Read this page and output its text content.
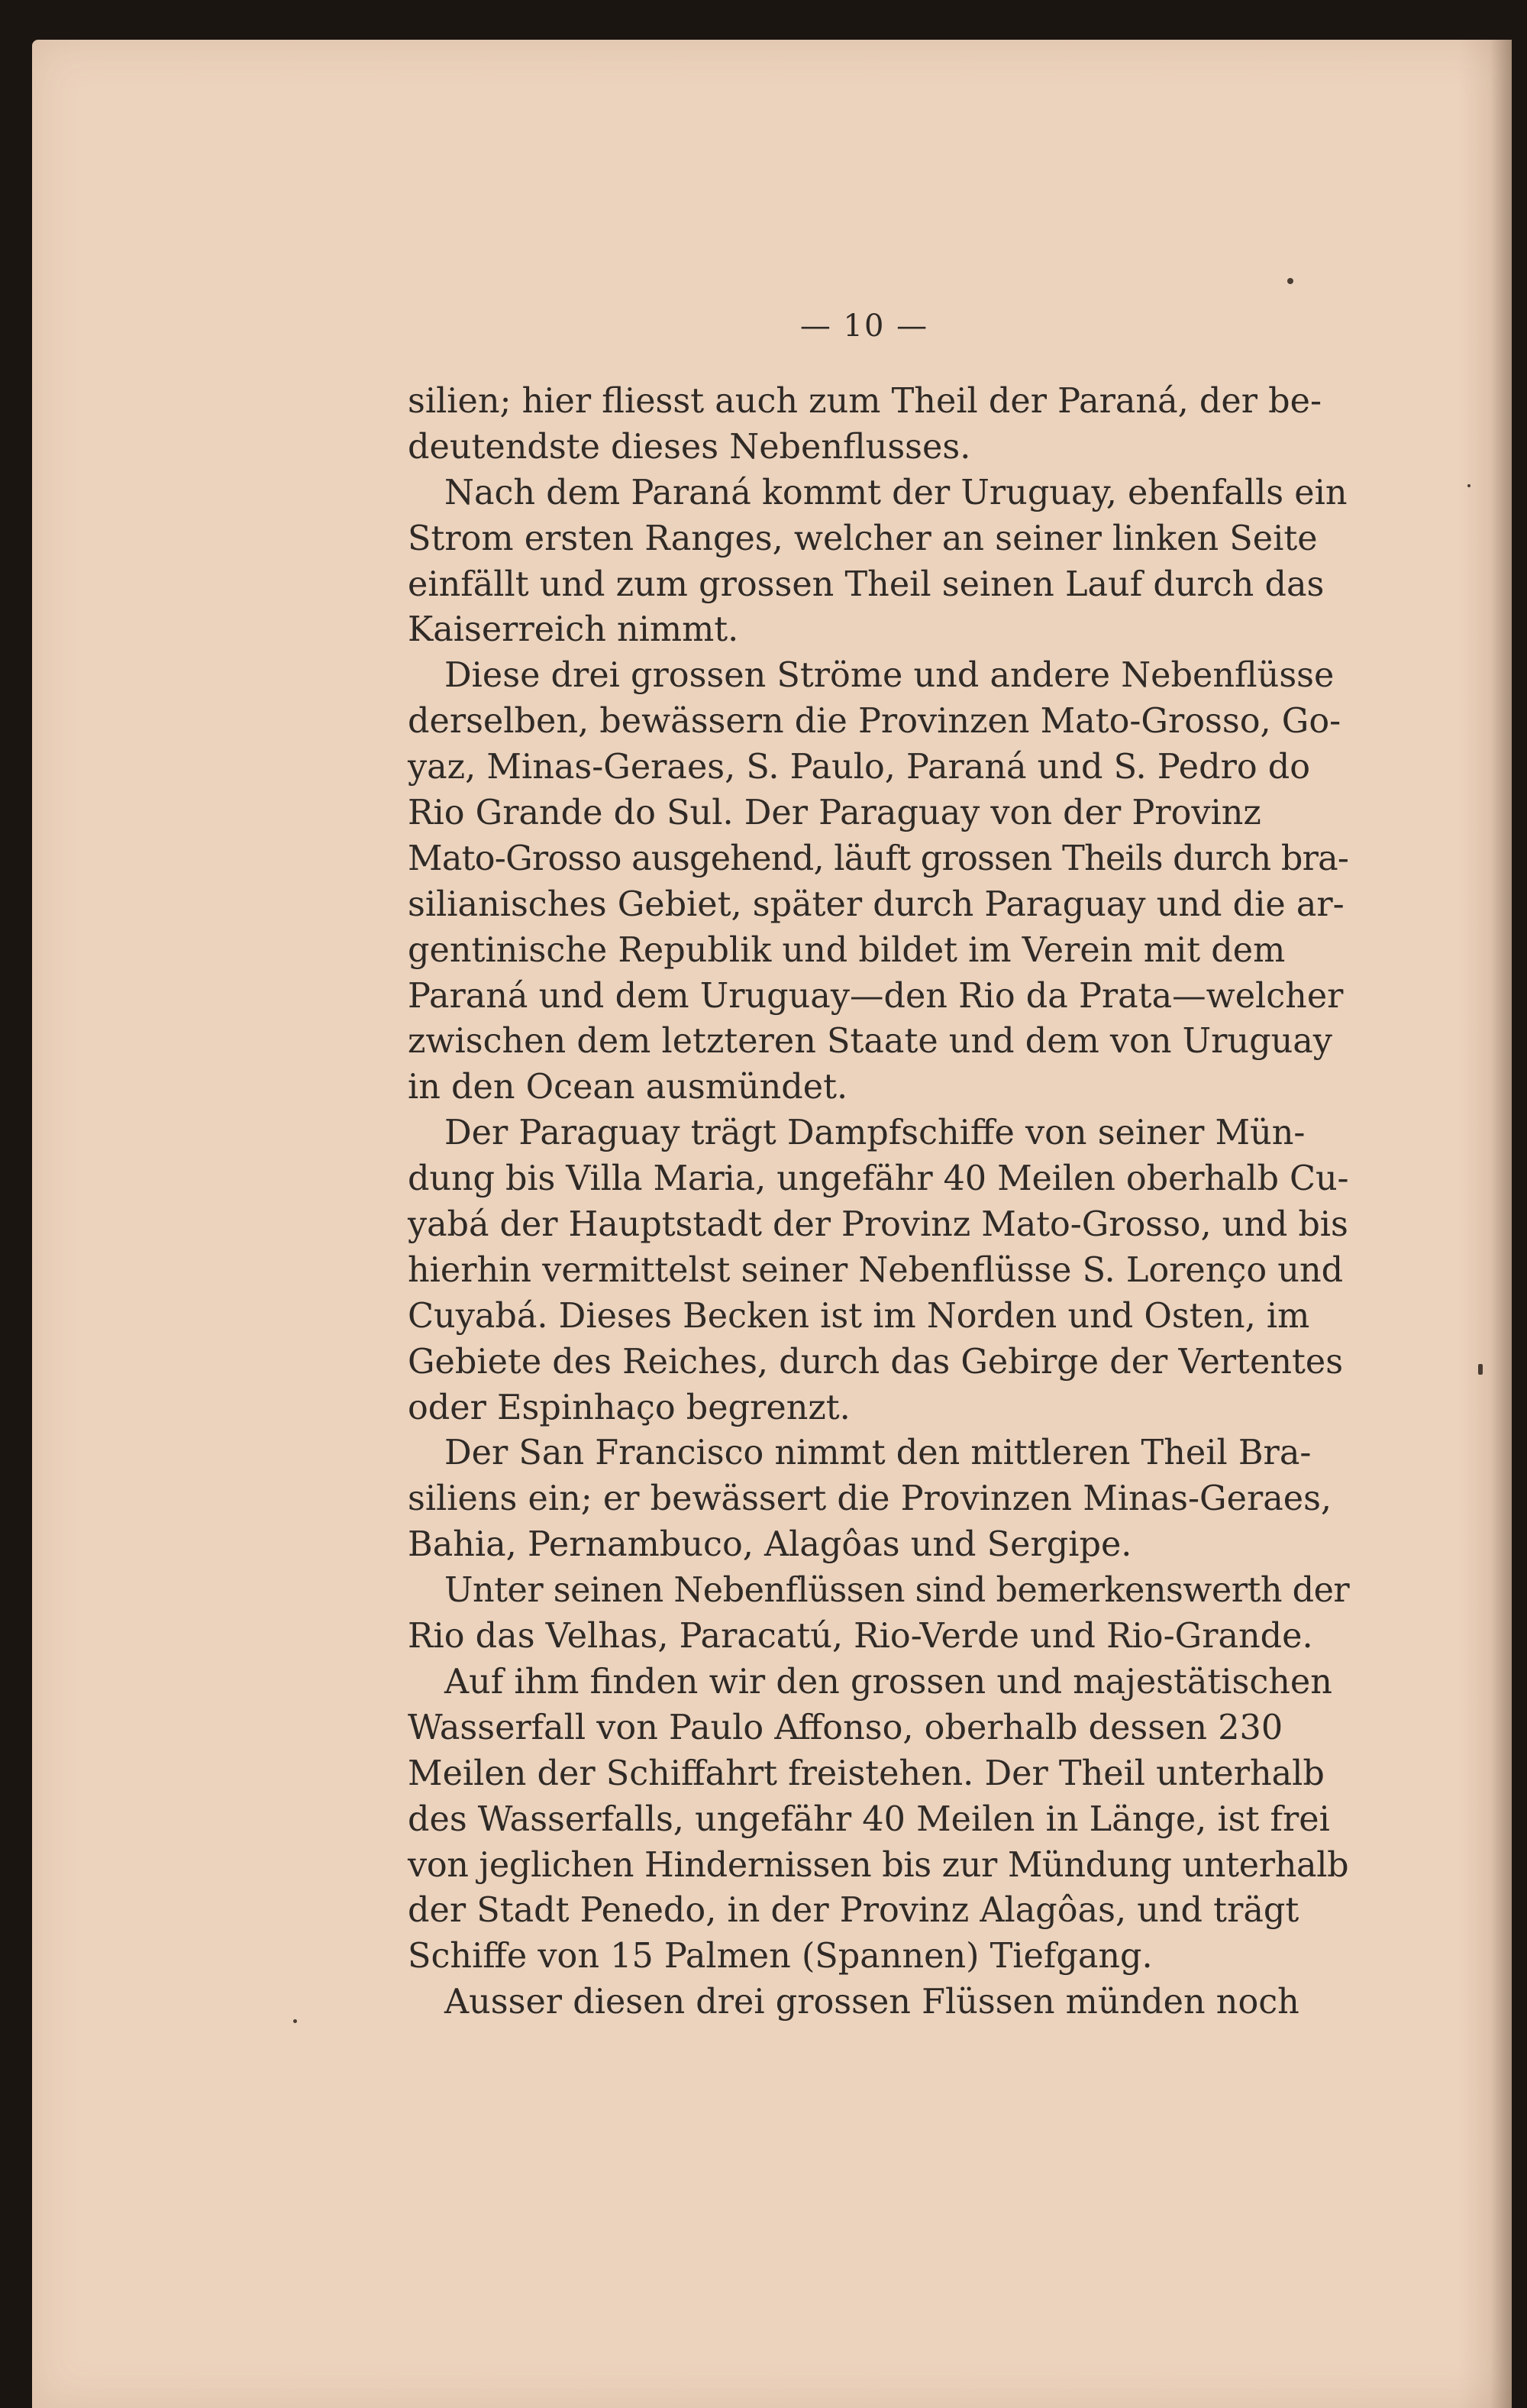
— 10 —
silien; hier fliesst auch zum Theil der Paraná, der be-
deutendste dieses Nebenflusses.
Nach dem Paraná kommt der Uruguay, ebenfalls ein
Strom ersten Ranges, welcher an seiner linken Seite
einfällt und zum grossen Theil seinen Lauf durch das
Kaiserreich nimmt.
Diese drei grossen Ströme und andere Nebenflüsse
derselben, bewässern die Provinzen Mato-Grosso, Go-
yaz, Minas-Geraes, S. Paulo, Paraná und S. Pedro do
Rio Grande do Sul. Der Paraguay von der Provinz
Mato-Grosso ausgehend, läuft grossen Theils durch bra-
silianisches Gebiet, später durch Paraguay und die ar-
gentinische Republik und bildet im Verein mit dem
Paraná und dem Uruguay—den Rio da Prata—welcher
zwischen dem letzteren Staate und dem von Uruguay
in den Ocean ausmündet.
Der Paraguay trägt Dampfschiffe von seiner Mün-
dung bis Villa Maria, ungefähr 40 Meilen oberhalb Cu-
yabá der Hauptstadt der Provinz Mato-Grosso, und bis
hierhin vermittelst seiner Nebenflüsse S. Lorenço und
Cuyabá. Dieses Becken ist im Norden und Osten, im
Gebiete des Reiches, durch das Gebirge der Vertentes
oder Espinhaço begrenzt.
Der San Francisco nimmt den mittleren Theil Bra-
siliens ein; er bewässert die Provinzen Minas-Geraes,
Bahia, Pernambuco, Alagôas und Sergipe.
Unter seinen Nebenflüssen sind bemerkenswerth der
Rio das Velhas, Paracatú, Rio-Verde und Rio-Grande.
Auf ihm finden wir den grossen und majestätischen
Wasserfall von Paulo Affonso, oberhalb dessen 230
Meilen der Schiffahrt freistehen. Der Theil unterhalb
des Wasserfalls, ungefähr 40 Meilen in Länge, ist frei
von jeglichen Hindernissen bis zur Mündung unterhalb
der Stadt Penedo, in der Provinz Alagôas, und trägt
Schiffe von 15 Palmen (Spannen) Tiefgang.
Ausser diesen drei grossen Flüssen münden noch
